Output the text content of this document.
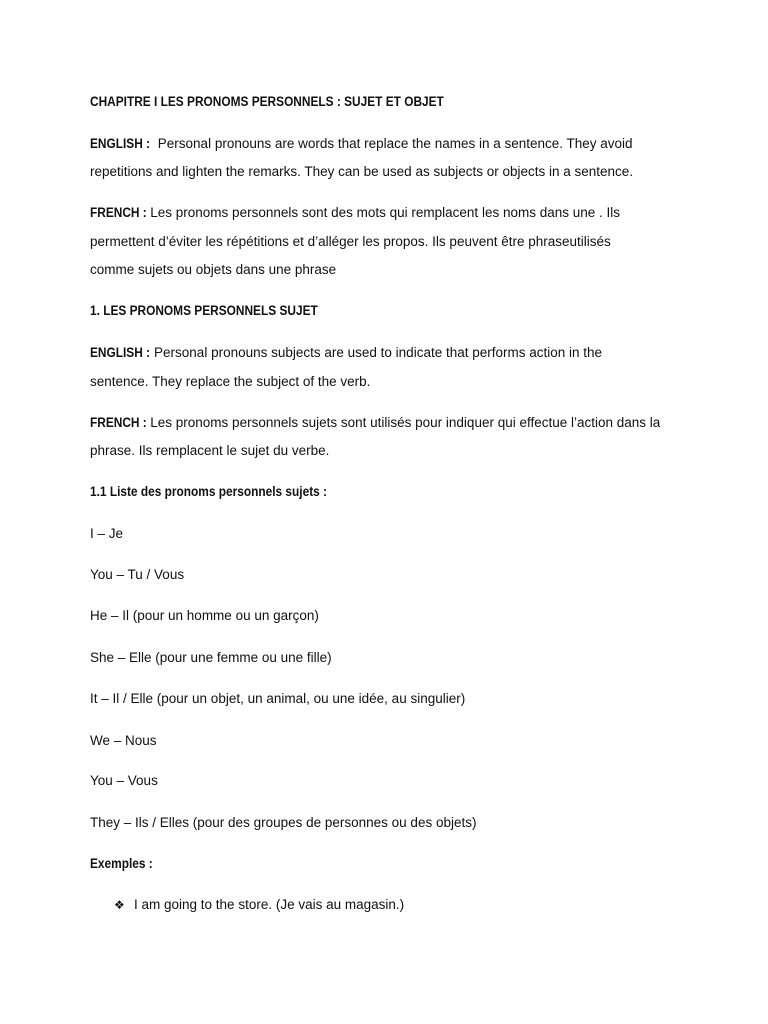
CHAPITRE I LES PRONOMS PERSONNELS : SUJET ET OBJET
ENGLISH : Personal pronouns are words that replace the names in a sentence. They avoid
repetitions and lighten the remarks. They can be used as subjects or objects in a sentence.
FRENCH : Les pronoms personnels sont des mots qui remplacent les noms dans une . Ils
permettent d’éviter les répétitions et d’alléger les propos. Ils peuvent être phraseutilisés
comme sujets ou objets dans une phrase
1. LES PRONOMS PERSONNELS SUJET
ENGLISH : Personal pronouns subjects are used to indicate that performs action in the
sentence. They replace the subject of the verb.
FRENCH : Les pronoms personnels sujets sont utilisés pour indiquer qui effectue l’action dans la
phrase. Ils remplacent le sujet du verbe.
1.1 Liste des pronoms personnels sujets :
I – Je
You – Tu / Vous
He – Il (pour un homme ou un garçon)
She – Elle (pour une femme ou une fille)
It – Il / Elle (pour un objet, un animal, ou une idée, au singulier)
We – Nous
You – Vous
They – Ils / Elles (pour des groupes de personnes ou des objets)
Exemples :
❖ I am going to the store. (Je vais au magasin.)
